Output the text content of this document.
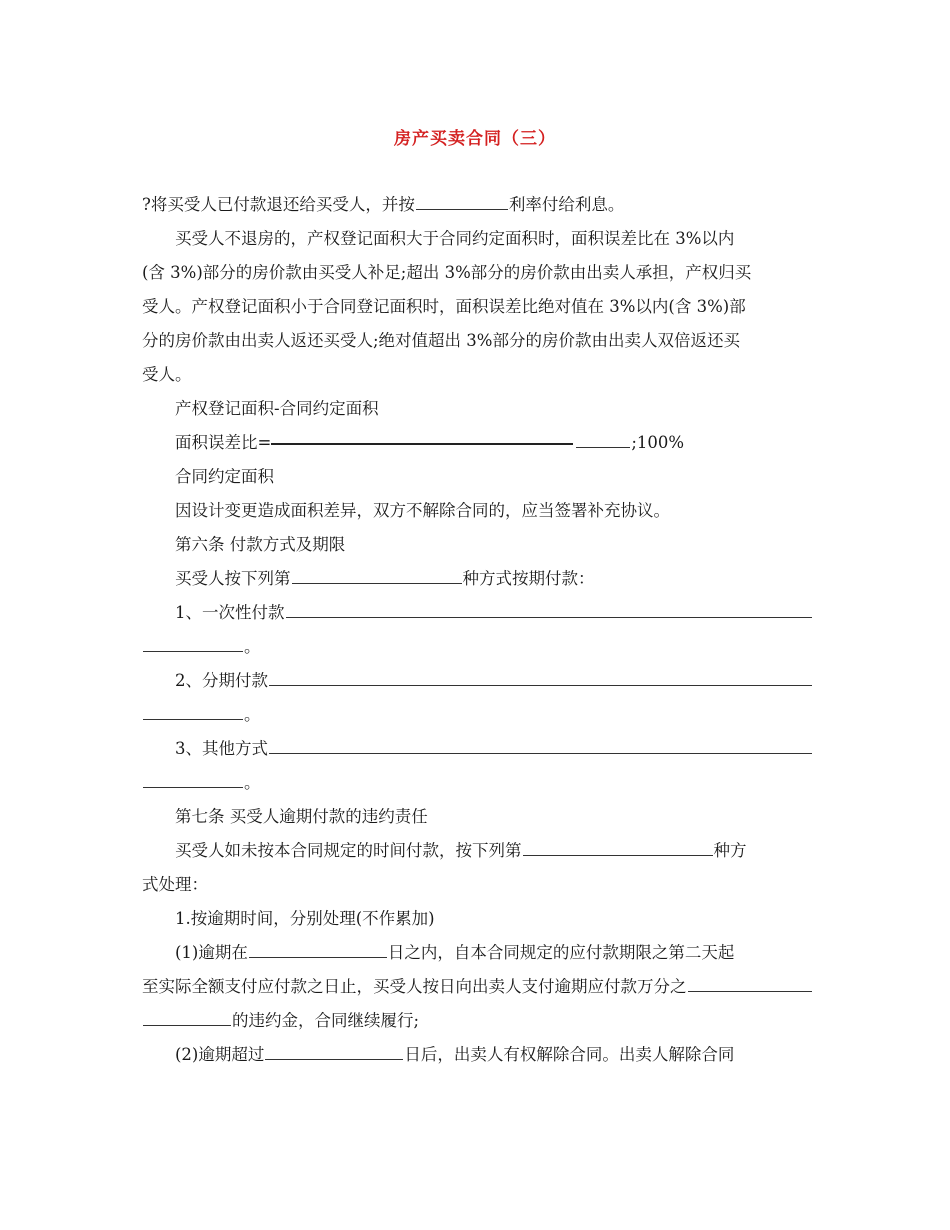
房产买卖合同（三）
?将买受人已付款退还给买受人，并按	利率付给利息。
买受人不退房的，产权登记面积大于合同约定面积时，面积误差比在 3%以内
(含 3%)部分的房价款由买受人补足;超出 3%部分的房价款由出卖人承担，产权归买
受人。产权登记面积小于合同登记面积时，面积误差比绝对值在 3%以内(含 3%)部
分的房价款由出卖人返还买受人;绝对值超出 3%部分的房价款由出卖人双倍返还买
受人。
产权登记面积-合同约定面积
面积误差比=	;100%
合同约定面积
因设计变更造成面积差异，双方不解除合同的，应当签署补充协议。
第六条 付款方式及期限
买受人按下列第	种方式按期付款：
1、一次性付款
。
2、分期付款
。
3、其他方式
。
第七条 买受人逾期付款的违约责任
买受人如未按本合同规定的时间付款，按下列第	种方
式处理：
1.按逾期时间，分别处理(不作累加)
(1)逾期在	日之内，自本合同规定的应付款期限之第二天起
至实际全额支付应付款之日止，买受人按日向出卖人支付逾期应付款万分之
的违约金，合同继续履行;
(2)逾期超过	日后，出卖人有权解除合同。出卖人解除合同
